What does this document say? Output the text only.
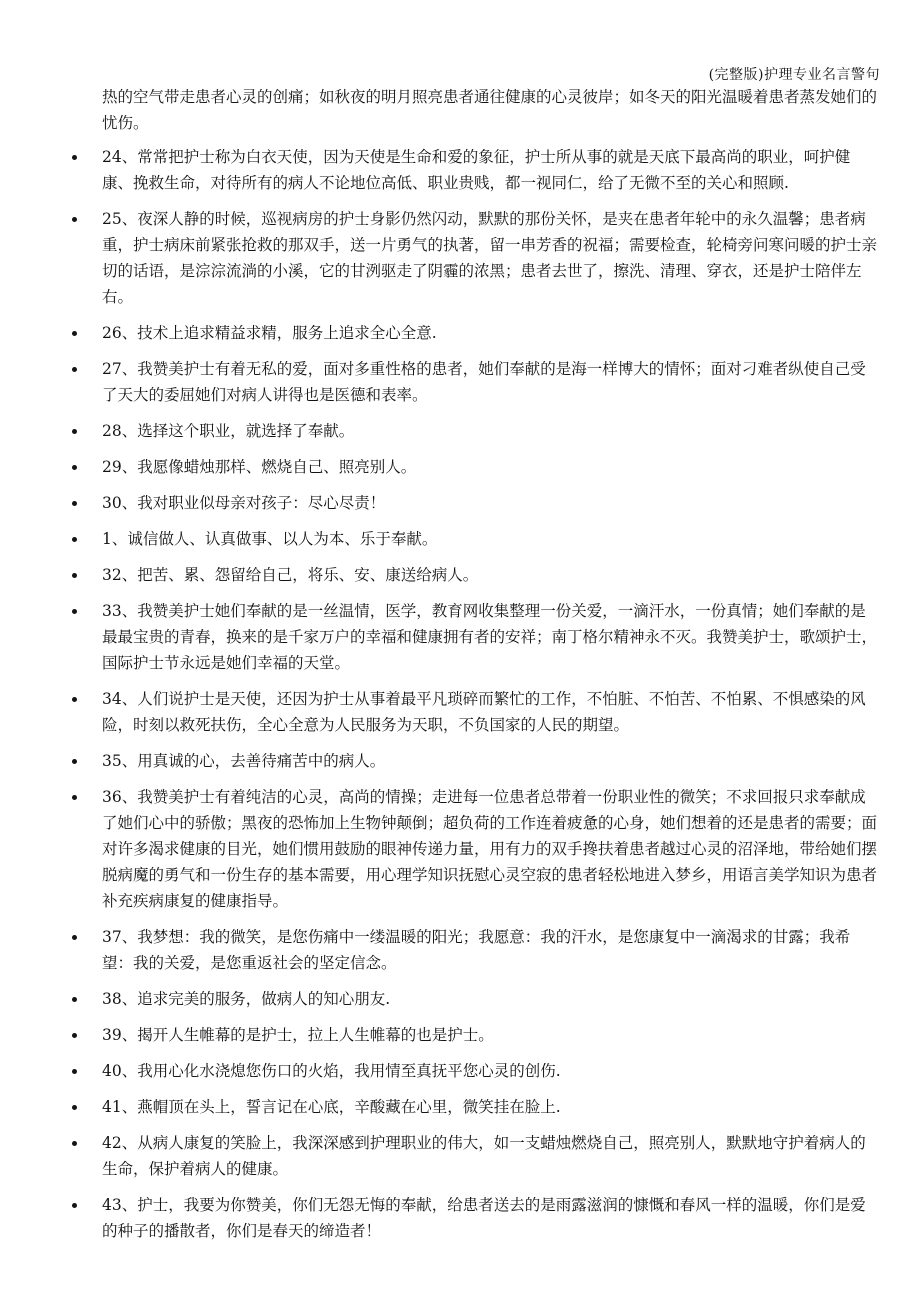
(完整版)护理专业名言警句
热的空气带走患者心灵的创痛；如秋夜的明月照亮患者通往健康的心灵彼岸；如冬天的阳光温暖着患者蒸发她们的忧伤。
24、常常把护士称为白衣天使，因为天使是生命和爱的象征，护士所从事的就是天底下最高尚的职业，呵护健康、挽救生命，对待所有的病人不论地位高低、职业贵贱，都一视同仁，给了无微不至的关心和照顾.
25、夜深人静的时候，巡视病房的护士身影仍然闪动，默默的那份关怀，是夹在患者年轮中的永久温馨；患者病重，护士病床前紧张抢救的那双手，送一片勇气的执著，留一串芳香的祝福；需要检查，轮椅旁问寒问暖的护士亲切的话语，是淙淙流淌的小溪，它的甘洌驱走了阴霾的浓黑；患者去世了，擦洗、清理、穿衣，还是护士陪伴左右。
26、技术上追求精益求精，服务上追求全心全意.
27、我赞美护士有着无私的爱，面对多重性格的患者，她们奉献的是海一样博大的情怀；面对刁难者纵使自己受了天大的委屈她们对病人讲得也是医德和表率。
28、选择这个职业，就选择了奉献。
29、我愿像蜡烛那样、燃烧自己、照亮别人。
30、我对职业似母亲对孩子：尽心尽责！
1、诚信做人、认真做事、以人为本、乐于奉献。
32、把苦、累、怨留给自己，将乐、安、康送给病人。
33、我赞美护士她们奉献的是一丝温情，医学，教育网收集整理一份关爱，一滴汗水，一份真情；她们奉献的是最最宝贵的青春，换来的是千家万户的幸福和健康拥有者的安祥；南丁格尔精神永不灭。我赞美护士，歌颂护士，国际护士节永远是她们幸福的天堂。
34、人们说护士是天使，还因为护士从事着最平凡琐碎而繁忙的工作，不怕脏、不怕苦、不怕累、不惧感染的风险，时刻以救死扶伤，全心全意为人民服务为天职，不负国家的人民的期望。
35、用真诚的心，去善待痛苦中的病人。
36、我赞美护士有着纯洁的心灵，高尚的情操；走进每一位患者总带着一份职业性的微笑；不求回报只求奉献成了她们心中的骄傲；黑夜的恐怖加上生物钟颠倒；超负荷的工作连着疲惫的心身，她们想着的还是患者的需要；面对许多渴求健康的目光，她们惯用鼓励的眼神传递力量，用有力的双手搀扶着患者越过心灵的沼泽地，带给她们摆脱病魔的勇气和一份生存的基本需要，用心理学知识抚慰心灵空寂的患者轻松地进入梦乡，用语言美学知识为患者补充疾病康复的健康指导。
37、我梦想：我的微笑，是您伤痛中一缕温暖的阳光；我愿意：我的汗水，是您康复中一滴渴求的甘露；我希望：我的关爱，是您重返社会的坚定信念。
38、追求完美的服务，做病人的知心朋友.
39、揭开人生帷幕的是护士，拉上人生帷幕的也是护士。
40、我用心化水浇熄您伤口的火焰，我用情至真抚平您心灵的创伤.
41、燕帽顶在头上，誓言记在心底，辛酸藏在心里，微笑挂在脸上.
42、从病人康复的笑脸上，我深深感到护理职业的伟大，如一支蜡烛燃烧自己，照亮别人，默默地守护着病人的生命，保护着病人的健康。
43、护士，我要为你赞美，你们无怨无悔的奉献，给患者送去的是雨露滋润的慷慨和春风一样的温暖，你们是爱的种子的播散者，你们是春天的缔造者！
